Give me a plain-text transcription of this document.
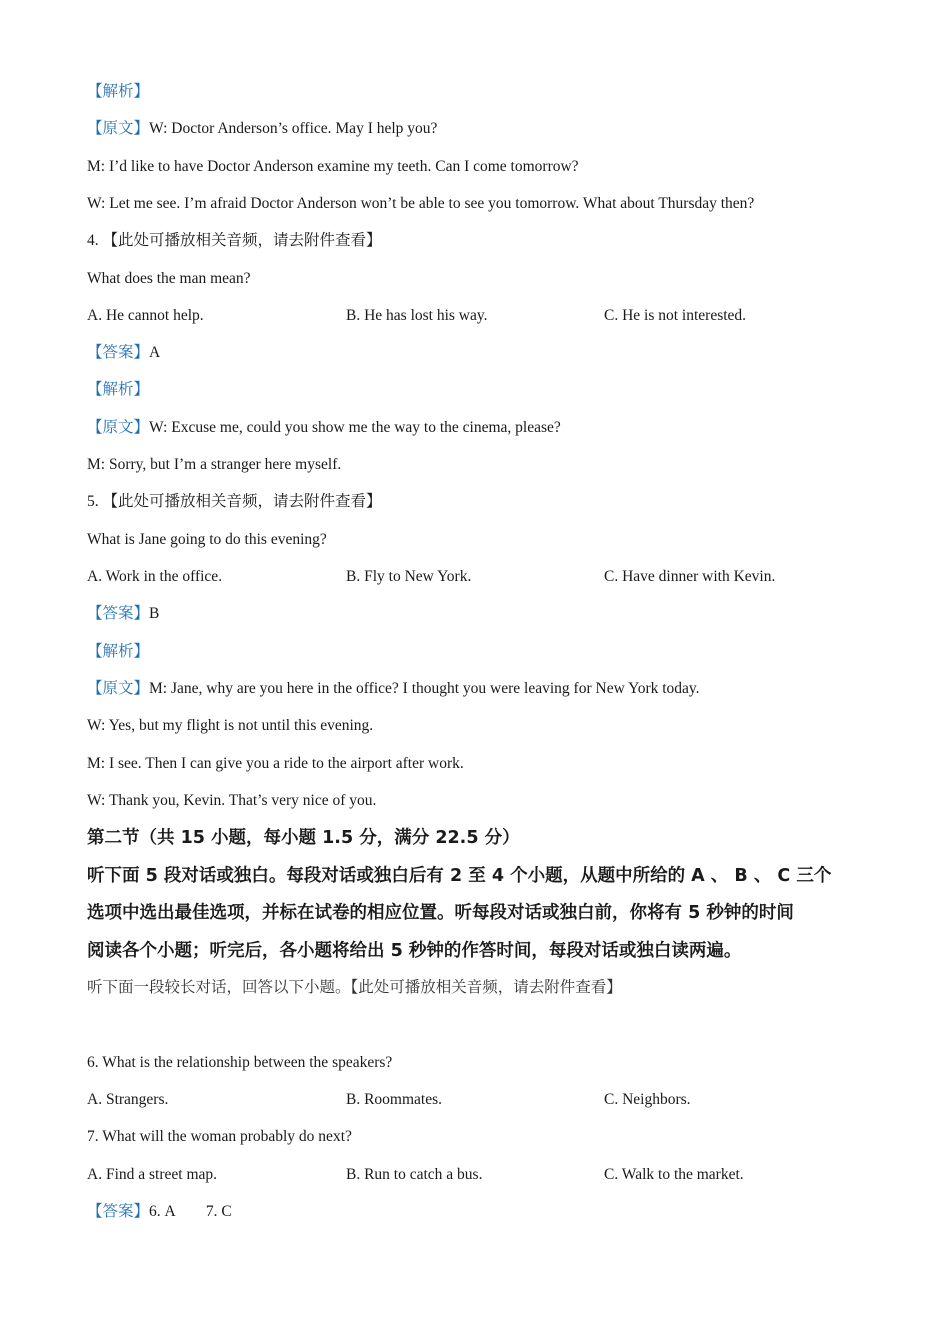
【解析】
【原文】W: Doctor Anderson’s office. May I help you?
M: I’d like to have Doctor Anderson examine my teeth. Can I come tomorrow?
W: Let me see. I’m afraid Doctor Anderson won’t be able to see you tomorrow. What about Thursday then?
4. 【此处可播放相关音频，请去附件查看】
What does the man mean?
A. He cannot help.	B. He has lost his way.	C. He is not interested.
【答案】A
【解析】
【原文】W: Excuse me, could you show me the way to the cinema, please?
M: Sorry, but I’m a stranger here myself.
5. 【此处可播放相关音频，请去附件查看】
What is Jane going to do this evening?
A. Work in the office.	B. Fly to New York.	C. Have dinner with Kevin.
【答案】B
【解析】
【原文】M: Jane, why are you here in the office? I thought you were leaving for New York today.
W: Yes, but my flight is not until this evening.
M: I see. Then I can give you a ride to the airport after work.
W: Thank you, Kevin. That’s very nice of you.
第二节（共 15 小题，每小题 1.5 分，满分 22.5 分）
听下面 5 段对话或独白。每段对话或独白后有 2 至 4 个小题，从题中所给的 A 、 B 、 C 三个
选项中选出最佳选项，并标在试卷的相应位置。听每段对话或独白前，你将有 5 秒钟的时间
阅读各个小题；听完后，各小题将给出 5 秒钟的作答时间，每段对话或独白读两遍。
听下面一段较长对话，回答以下小题。【此处可播放相关音频，请去附件查看】
6. What is the relationship between the speakers?
A. Strangers.	B. Roommates.	C. Neighbors.
7. What will the woman probably do next?
A. Find a street map.	B. Run to catch a bus.	C. Walk to the market.
【答案】6. A        7. C
